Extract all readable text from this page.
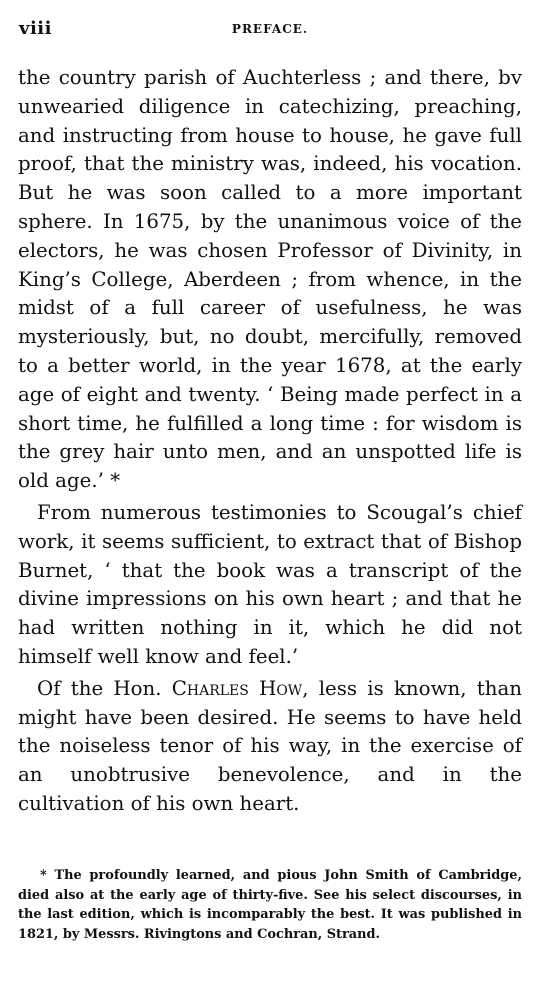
viii	PREFACE.

the country parish of Auchterless ; and there, bv unwearied diligence in catechizing, preaching, and instructing from house to house, he gave full proof, that the ministry was, indeed, his vocation. But he was soon called to a more important sphere. In 1675, by the unanimous voice of the electors, he was chosen Professor of Divinity, in King’s College, Aberdeen ; from whence, in the midst of a full career of usefulness, he was mysteriously, but, no doubt, mercifully, removed to a better world, in the year 1678, at the early age of eight and twenty. ‘ Being made perfect in a short time, he fulfilled a long time : for wisdom is the grey hair unto men, and an unspotted life is old age.’ *

From numerous testimonies to Scougal’s chief work, it seems sufficient, to extract that of Bishop Burnet, ‘ that the book was a transcript of the divine impressions on his own heart ; and that he had written nothing in it, which he did not himself well know and feel.’

Of the Hon. Charles How, less is known, than might have been desired. He seems to have held the noiseless tenor of his way, in the exercise of an unobtrusive benevolence, and in the cultivation of his own heart.

* The profoundly learned, and pious John Smith of Cambridge, died also at the early age of thirty-five. See his select discourses, in the last edition, which is incomparably the best. It was published in 1821, by Messrs. Rivingtons and Cochran, Strand.
